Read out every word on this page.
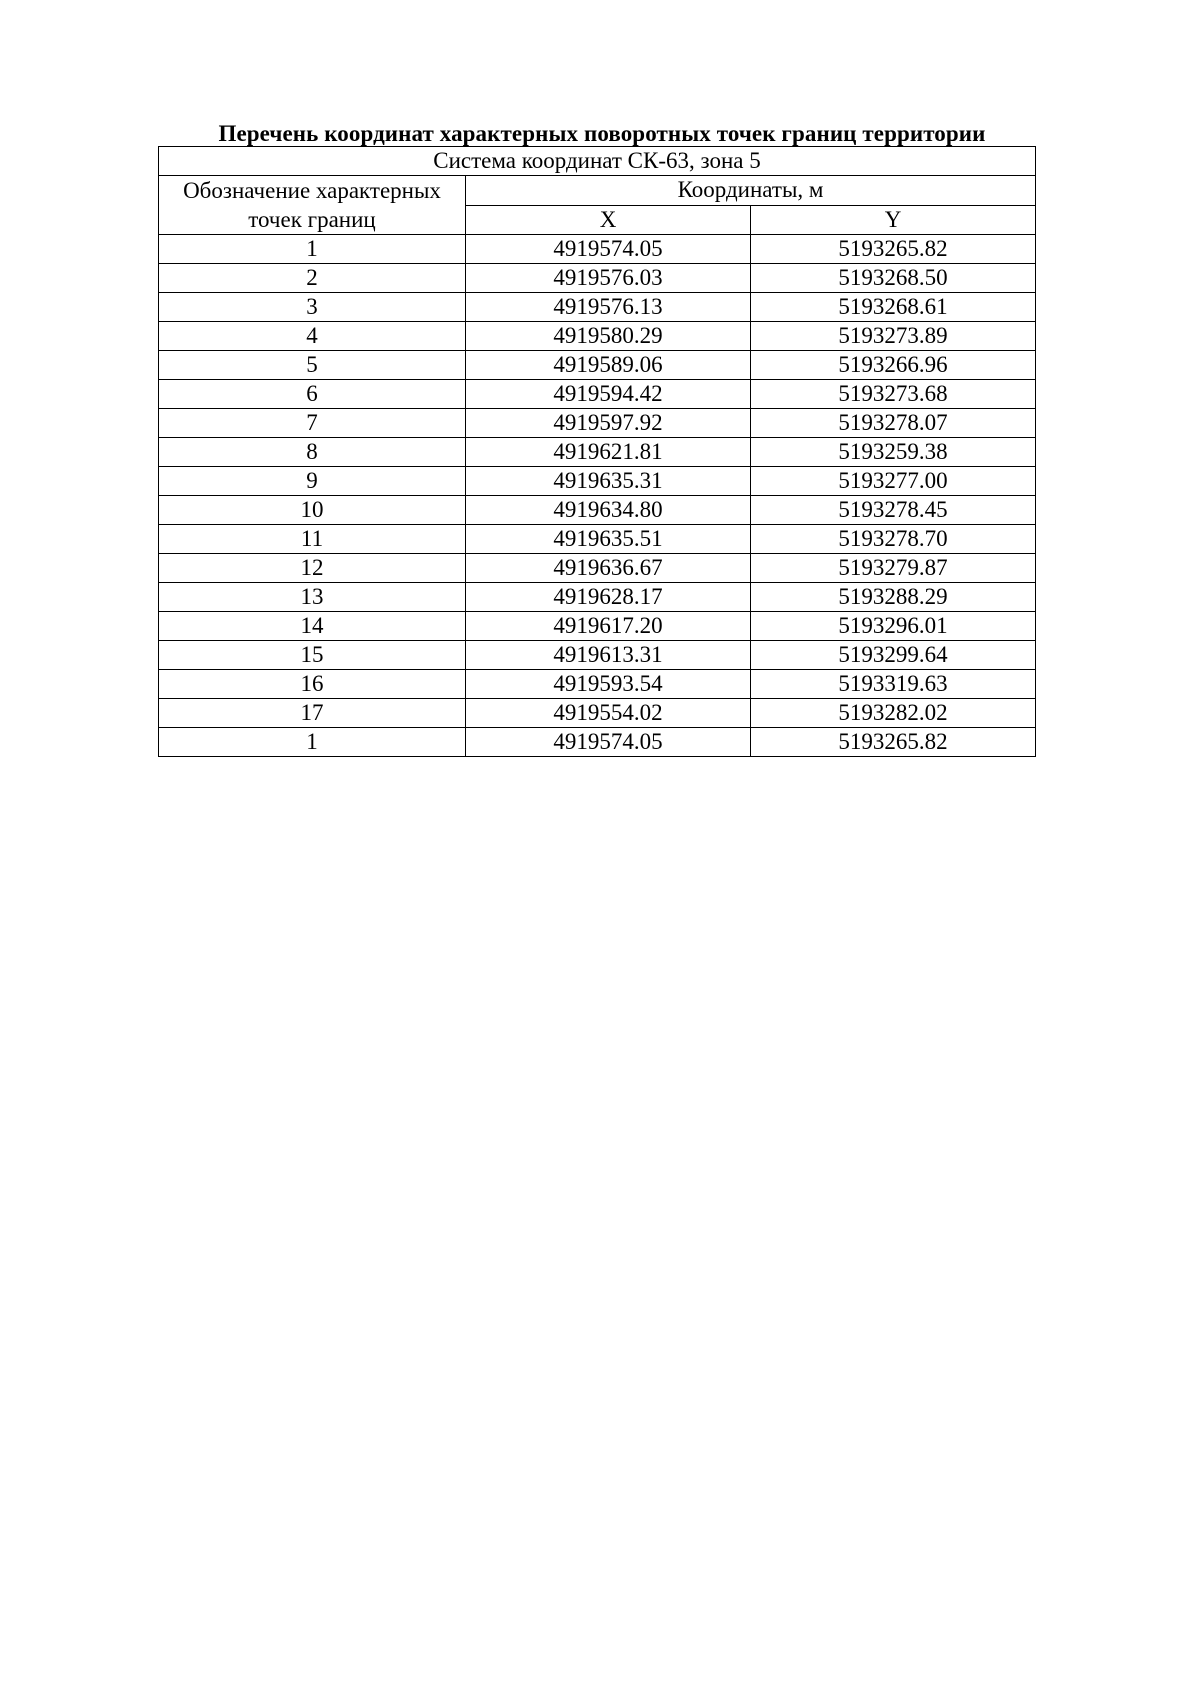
Перечень координат характерных поворотных точек границ территории
Система координат СК-63, зона 5		
Обозначение характерных точек границ	Координаты, м	
	X	Y
1	4919574.05	5193265.82
2	4919576.03	5193268.50
3	4919576.13	5193268.61
4	4919580.29	5193273.89
5	4919589.06	5193266.96
6	4919594.42	5193273.68
7	4919597.92	5193278.07
8	4919621.81	5193259.38
9	4919635.31	5193277.00
10	4919634.80	5193278.45
11	4919635.51	5193278.70
12	4919636.67	5193279.87
13	4919628.17	5193288.29
14	4919617.20	5193296.01
15	4919613.31	5193299.64
16	4919593.54	5193319.63
17	4919554.02	5193282.02
1	4919574.05	5193265.82
